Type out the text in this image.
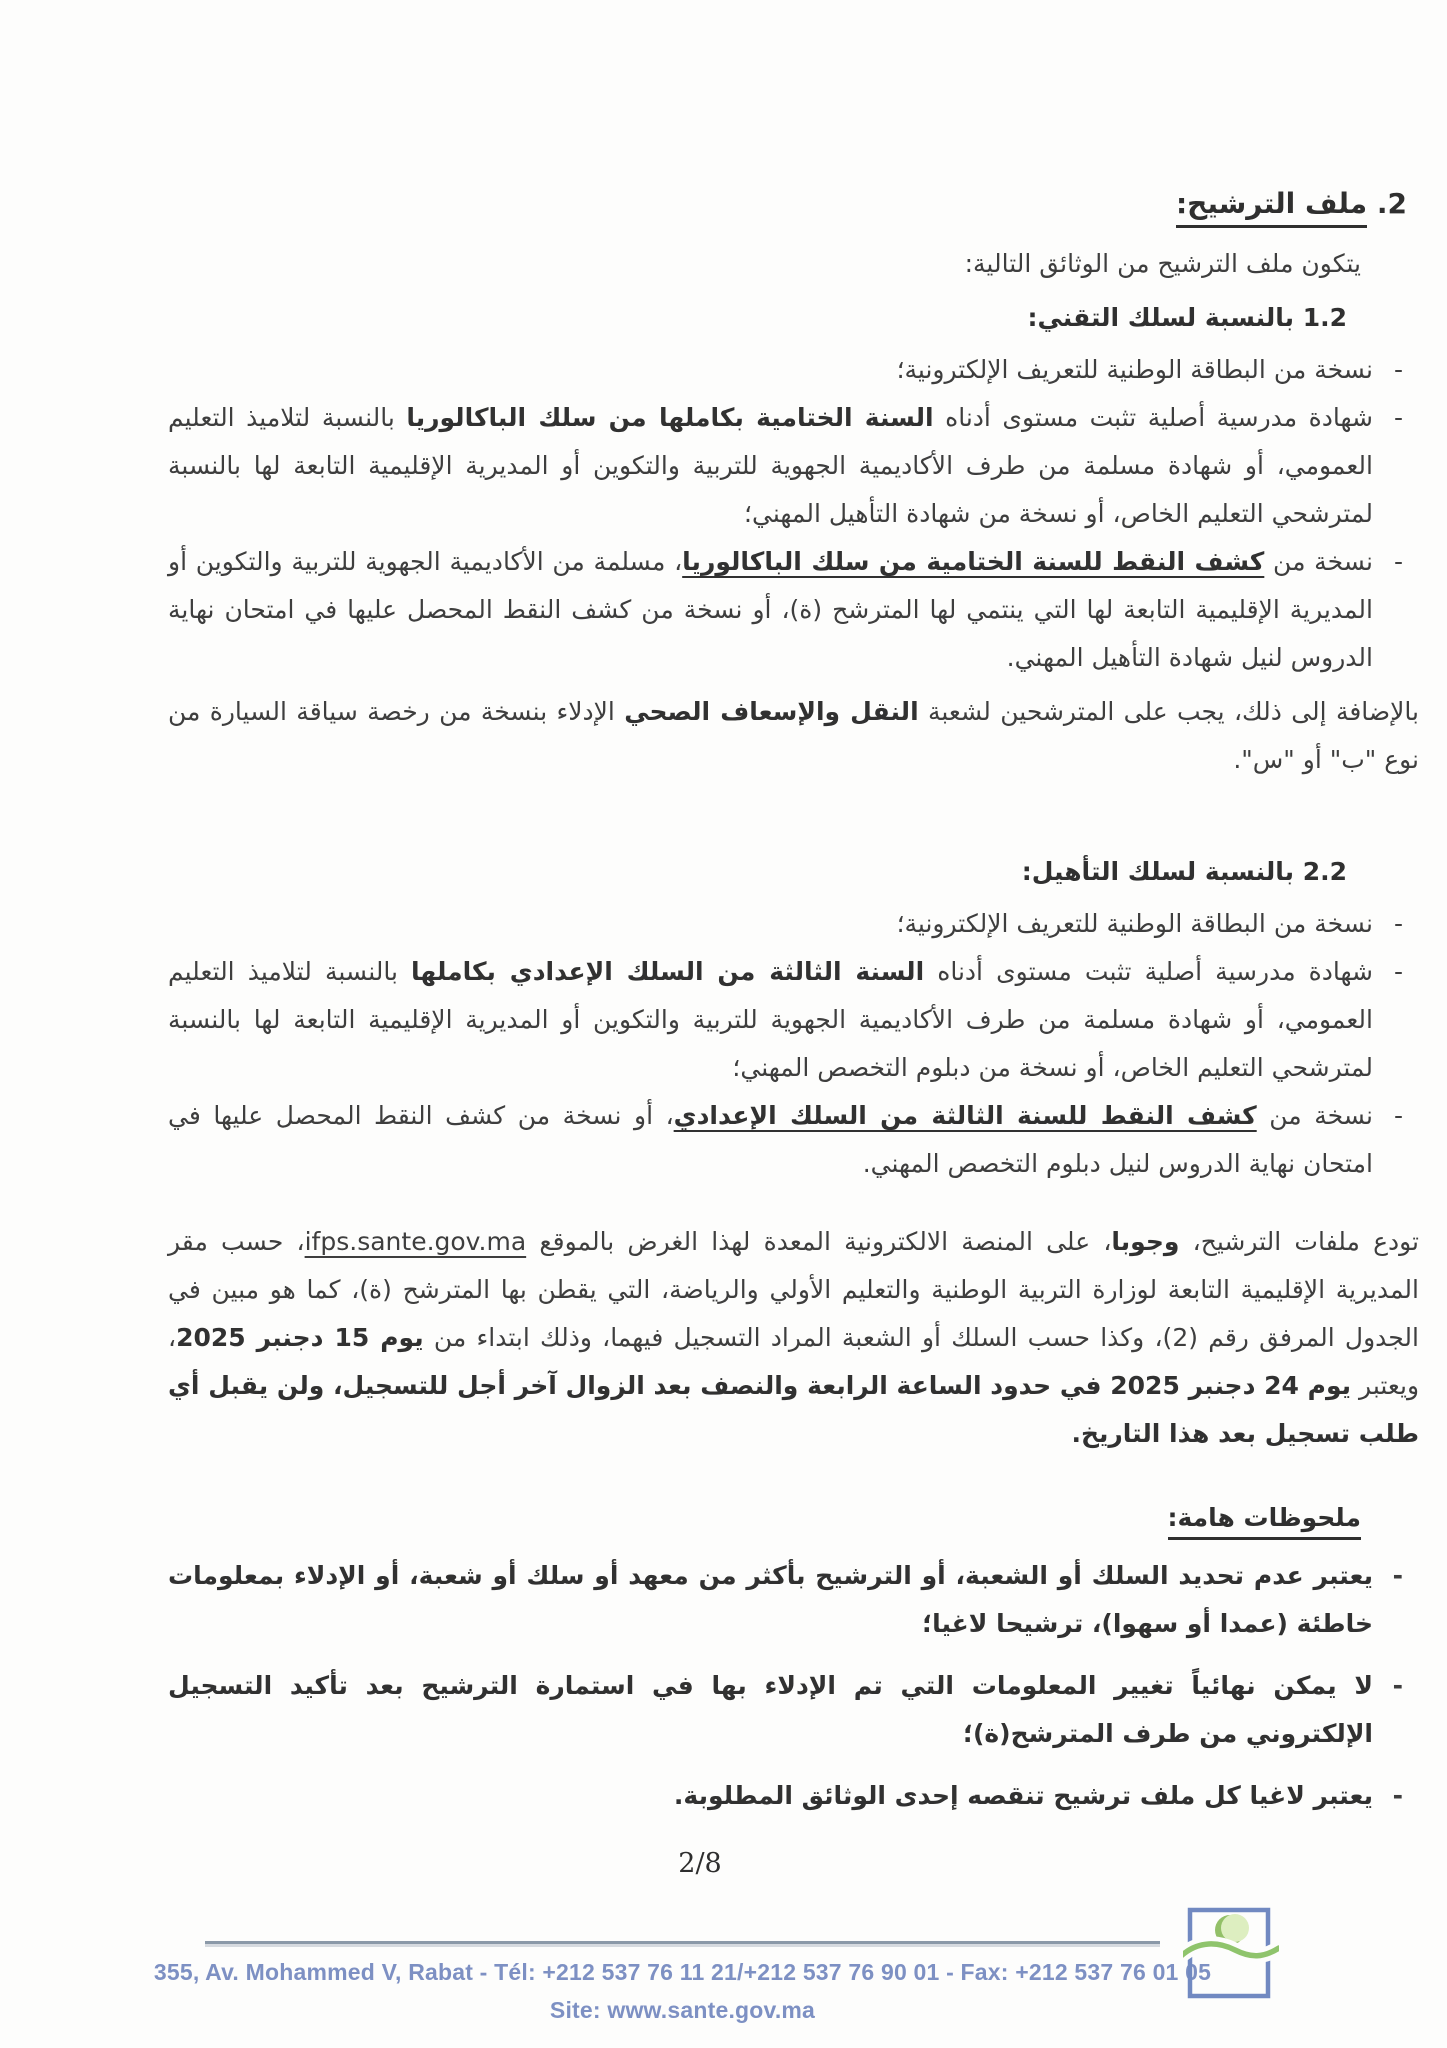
2. ملف الترشيح:
يتكون ملف الترشيح من الوثائق التالية:
1.2 بالنسبة لسلك التقني:
-
نسخة من البطاقة الوطنية للتعريف الإلكترونية؛
-
شهادة مدرسية أصلية تثبت مستوى أدناه السنة الختامية بكاملها من سلك الباكالوريا بالنسبة لتلاميذ التعليم العمومي، أو شهادة مسلمة من طرف الأكاديمية الجهوية للتربية والتكوين أو المديرية الإقليمية التابعة لها بالنسبة لمترشحي التعليم الخاص، أو نسخة من شهادة التأهيل المهني؛
-
نسخة من كشف النقط للسنة الختامية من سلك الباكالوريا، مسلمة من الأكاديمية الجهوية للتربية والتكوين أو المديرية الإقليمية التابعة لها التي ينتمي لها المترشح (ة)، أو نسخة من كشف النقط المحصل عليها في امتحان نهاية الدروس لنيل شهادة التأهيل المهني.
بالإضافة إلى ذلك، يجب على المترشحين لشعبة النقل والإسعاف الصحي الإدلاء بنسخة من رخصة سياقة السيارة من نوع "ب" أو "س".
2.2 بالنسبة لسلك التأهيل:
-
نسخة من البطاقة الوطنية للتعريف الإلكترونية؛
-
شهادة مدرسية أصلية تثبت مستوى أدناه السنة الثالثة من السلك الإعدادي بكاملها بالنسبة لتلاميذ التعليم العمومي، أو شهادة مسلمة من طرف الأكاديمية الجهوية للتربية والتكوين أو المديرية الإقليمية التابعة لها بالنسبة لمترشحي التعليم الخاص، أو نسخة من دبلوم التخصص المهني؛
-
نسخة من كشف النقط للسنة الثالثة من السلك الإعدادي، أو نسخة من كشف النقط المحصل عليها في امتحان نهاية الدروس لنيل دبلوم التخصص المهني.
تودع ملفات الترشيح، وجوبا، على المنصة الالكترونية المعدة لهذا الغرض بالموقع ifps.sante.gov.ma‏، حسب مقر المديرية الإقليمية التابعة لوزارة التربية الوطنية والتعليم الأولي والرياضة، التي يقطن بها المترشح (ة)، كما هو مبين في الجدول المرفق رقم (2)، وكذا حسب السلك أو الشعبة المراد التسجيل فيهما، وذلك ابتداء من يوم 15 دجنبر 2025، ويعتبر يوم 24 دجنبر 2025 في حدود الساعة الرابعة والنصف بعد الزوال آخر أجل للتسجيل، ولن يقبل أي طلب تسجيل بعد هذا التاريخ.
ملحوظات هامة:
-
يعتبر عدم تحديد السلك أو الشعبة، أو الترشيح بأكثر من معهد أو سلك أو شعبة، أو الإدلاء بمعلومات خاطئة (عمدا أو سهوا)، ترشيحا لاغيا؛
-
لا يمكن نهائياً تغيير المعلومات التي تم الإدلاء بها في استمارة الترشيح بعد تأكيد التسجيل الإلكتروني من طرف المترشح(ة)؛
-
يعتبر لاغيا كل ملف ترشيح تنقصه إحدى الوثائق المطلوبة.
2/8
355, Av. Mohammed V, Rabat - Tél: +212 537 76 11 21/+212 537 76 90 01 - Fax: +212 537 76 01 05
Site: www.sante.gov.ma
